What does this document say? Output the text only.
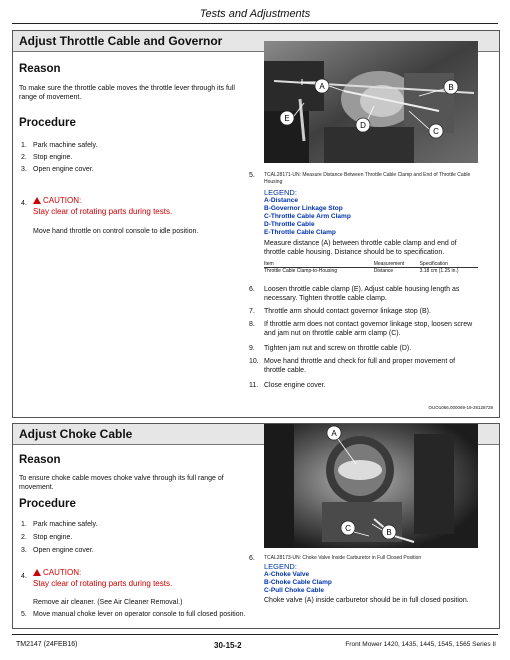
Tests and Adjustments
Adjust Throttle Cable and Governor
Reason
To make sure the throttle cable moves the throttle lever through its full range of movement.
Procedure
1. Park machine safely.
2. Stop engine.
3. Open engine cover.
4.	CAUTION:
Stay clear of rotating parts during tests.
Move hand throttle on control console to idle position.
A	B
C
D
E
5. TCAL28171-UN: Measure Distance Between Throttle Cable Clamp and End of Throttle Cable Housing
LEGEND:
A-Distance
B-Governor Linkage Stop
C-Throttle Cable Arm Clamp
D-Throttle Cable
E-Throttle Cable Clamp
Measure distance (A) between throttle cable clamp and end of throttle cable housing. Distance should be to specification.
Item	Measurement	Specification
Throttle Cable Clamp-to-Housing	Distance	3.18 cm (1.25 in.)
6. Loosen throttle cable clamp (E). Adjust cable housing length as necessary. Tighten throttle cable clamp.
7. Throttle arm should contact governor linkage stop (B).
8. If throttle arm does not contact governor linkage stop, loosen screw and jam nut on throttle cable arm clamp (C).
9. Tighten jam nut and screw on throttle cable (D).
10. Move hand throttle and check for full and proper movement of throttle cable.
11. Close engine cover.
OUO1066,000069-19-28128728
Adjust Choke Cable
Reason
To ensure choke cable moves choke valve through its full range of movement.
Procedure
1. Park machine safely.
2. Stop engine.
3. Open engine cover.
4.	CAUTION:
Stay clear of rotating parts during tests.
Remove air cleaner. (See Air Cleaner Removal.)
5. Move manual choke lever on operator console to full closed position.
A
B
C
6. TCAL28173-UN: Choke Valve Inside Carburetor in Full Closed Position
LEGEND:
A-Choke Valve
B-Choke Cable Clamp
C-Pull Choke Cable
Choke valve (A) inside carburetor should be in full closed position.
TM2147 (24FEB16)	30-15-2	Front Mower 1420, 1435, 1445, 1545, 1565 Series II
